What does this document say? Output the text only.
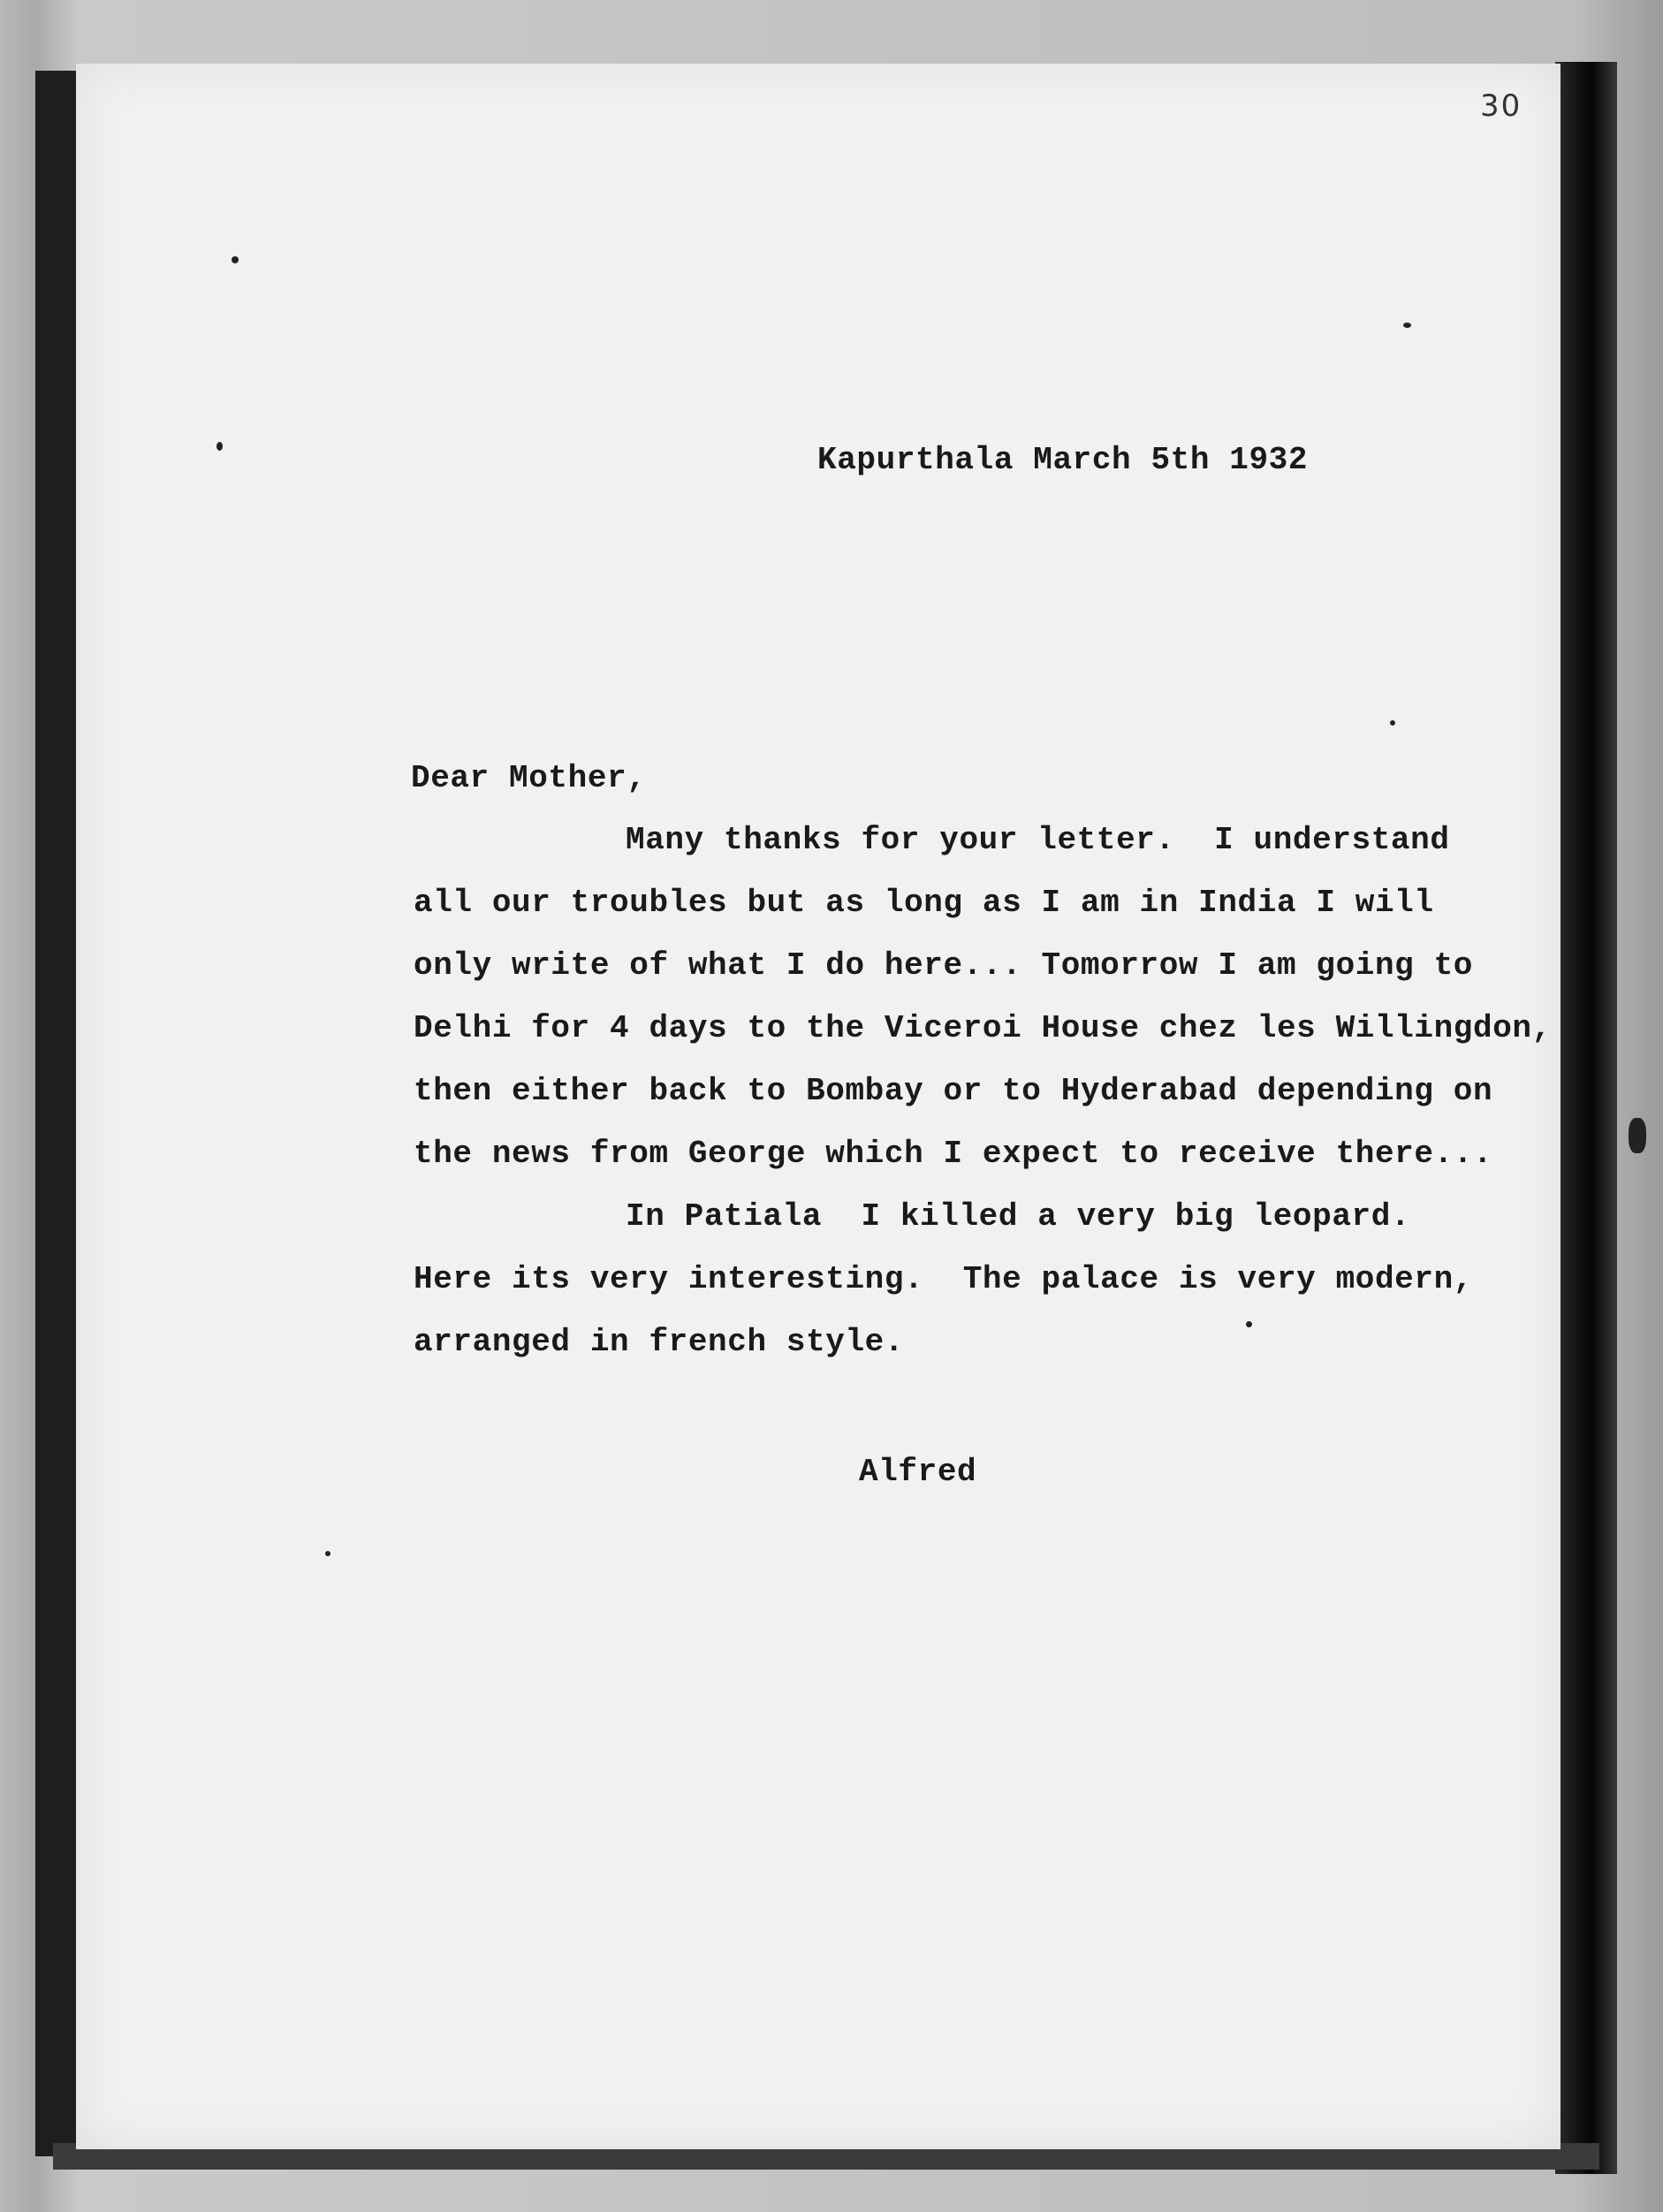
30
Kapurthala March 5th 1932
Dear Mother,
Many thanks for your letter.  I understand
all our troubles but as long as I am in India I will
only write of what I do here... Tomorrow I am going to
Delhi for 4 days to the Viceroi House chez les Willingdon,
then either back to Bombay or to Hyderabad depending on
the news from George which I expect to receive there...
In Patiala  I killed a very big leopard.
Here its very interesting.  The palace is very modern,
arranged in french style.
Alfred
